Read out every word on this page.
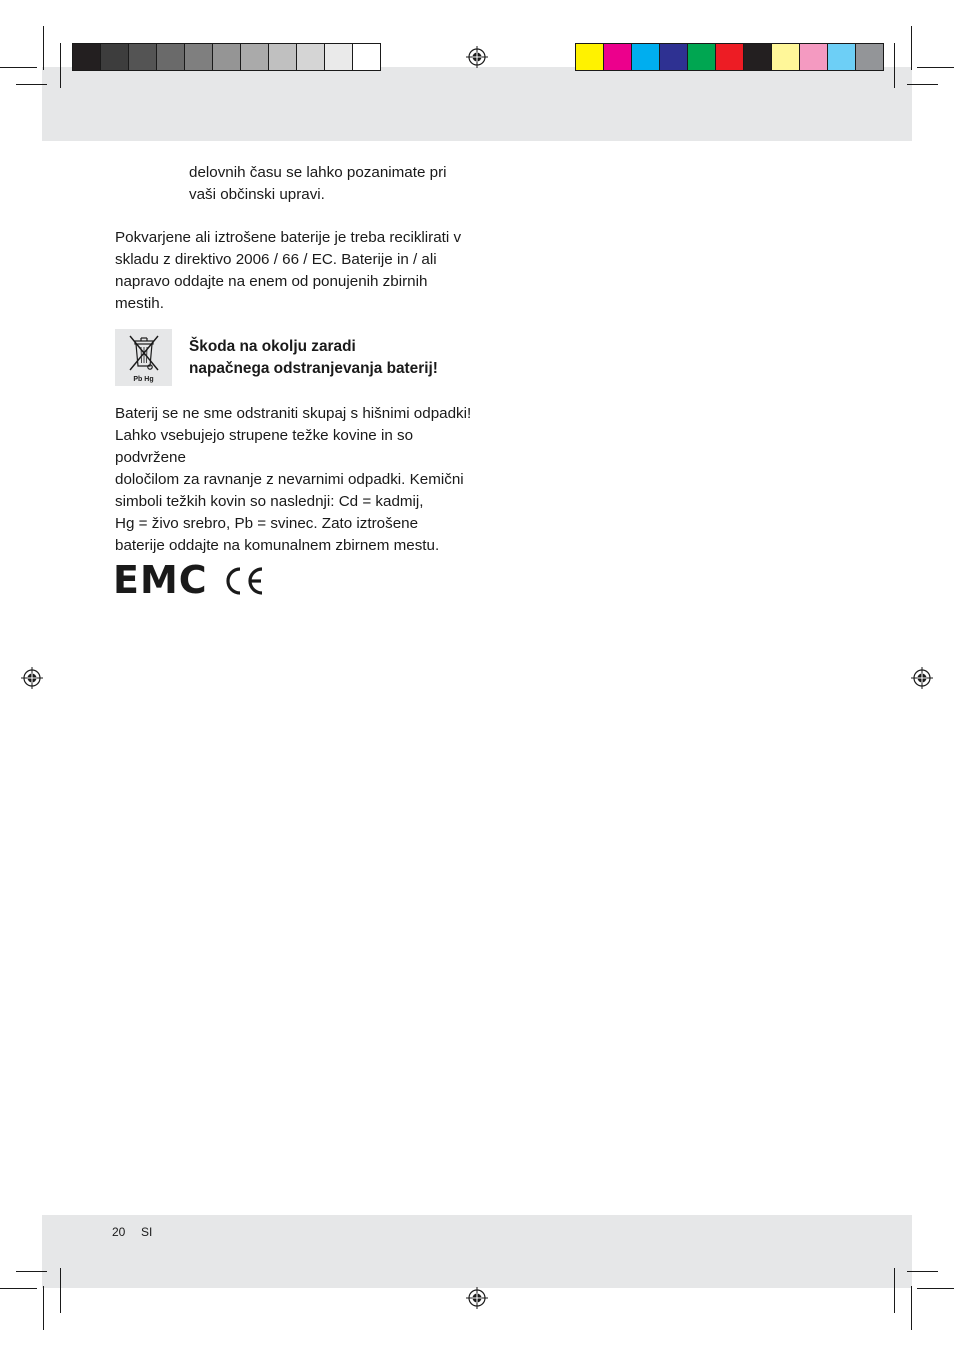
delovnih času se lahko pozanimate pri

vaši občinski upravi.

Pokvarjene ali iztrošene baterije je treba reciklirati v

skladu z direktivo 2006 / 66 / EC. Baterije in / ali

napravo oddajte na enem od ponujenih zbirnih

mestih.

Pb Hg
Škoda na okolju zaradi
napačnega odstranjevanja baterij!

Baterij se ne sme odstraniti skupaj s hišnimi odpadki!

Lahko vsebujejo strupene težke kovine in so podvržene

določilom za ravnanje z nevarnimi odpadki. Kemični

simboli težkih kovin so naslednji: Cd = kadmij,

Hg = živo srebro, Pb = svinec. Zato iztrošene

baterije oddajte na komunalnem zbirnem mestu.

EMC
20 SI
